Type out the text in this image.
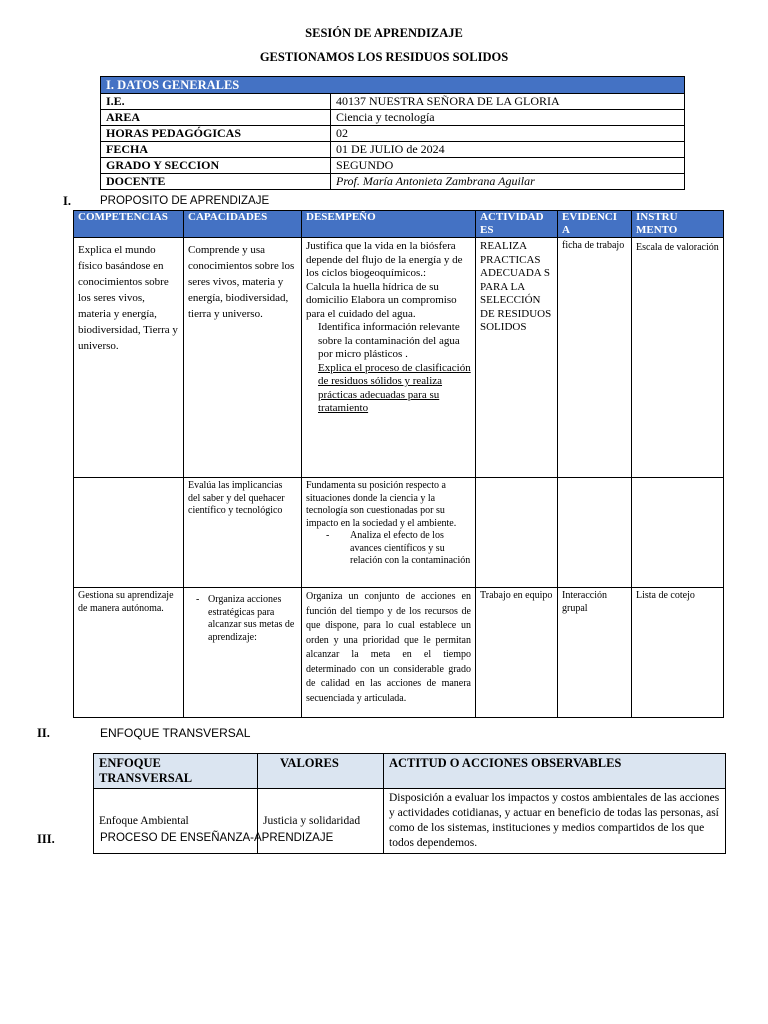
SESIÓN DE APRENDIZAJE
GESTIONAMOS LOS RESIDUOS SOLIDOS
I. DATOS GENERALES	
I.E.	40137 NUESTRA SEÑORA DE LA GLORIA
AREA	Ciencia y tecnología
HORAS PEDAGÓGICAS	02
FECHA	01 DE JULIO de 2024
GRADO Y SECCION	SEGUNDO
DOCENTE	Prof. María Antonieta Zambrana Aguilar
I.	PROPOSITO DE APRENDIZAJE
COMPETENCIAS	CAPACIDADES	DESEMPEÑO	ACTIVIDAD ES	EVIDENCI A	INSTRU MENTO
Explica el mundo físico basándose en conocimientos sobre los seres vivos, materia y energía, biodiversidad, Tierra y universo.	Comprende y usa conocimientos sobre los seres vivos, materia y energía, biodiversidad, tierra y universo.	Justifica que la vida en la biósfera depende del flujo de la energía y de los ciclos biogeoquímicos.:
Calcula la huella hídrica de su domicilio Elabora un compromiso para el cuidado del agua.
Identifica información relevante sobre la contaminación del agua por micro plásticos .
Explica el proceso de clasificación de residuos sólidos y realiza prácticas adecuadas para su tratamiento	REALIZA PRACTICAS ADECUADA S PARA LA SELECCIÓN DE RESIDUOS SOLIDOS	ficha de trabajo	Escala de valoración
	Evalúa las implicancias del saber y del quehacer científico y tecnológico	Fundamenta su posición respecto a situaciones donde la ciencia y la tecnología son cuestionadas por su impacto en la sociedad y el ambiente.
- Analiza el efecto de los avances científicos y su relación con la contaminación			

Gestiona su aprendizaje de manera autónoma.	- Organiza acciones estratégicas para alcanzar sus metas de aprendizaje:	Organiza un conjunto de acciones en función del tiempo y de los recursos de que dispone, para lo cual establece un orden y una prioridad que le permitan alcanzar la meta en el tiempo determinado con un considerable grado de calidad en las acciones de manera secuenciada y articulada.	Trabajo en equipo	Interacción grupal	Lista de cotejo
II.	ENFOQUE TRANSVERSAL
ENFOQUE TRANSVERSAL	VALORES	ACTITUD O ACCIONES OBSERVABLES
Enfoque Ambiental	Justicia y solidaridad	Disposición a evaluar los impactos y costos ambientales de las acciones y actividades cotidianas, y actuar en beneficio de todas las personas, así como de los sistemas, instituciones y medios compartidos de los que todos dependemos.
III.	PROCESO DE ENSEÑANZA-APRENDIZAJE
